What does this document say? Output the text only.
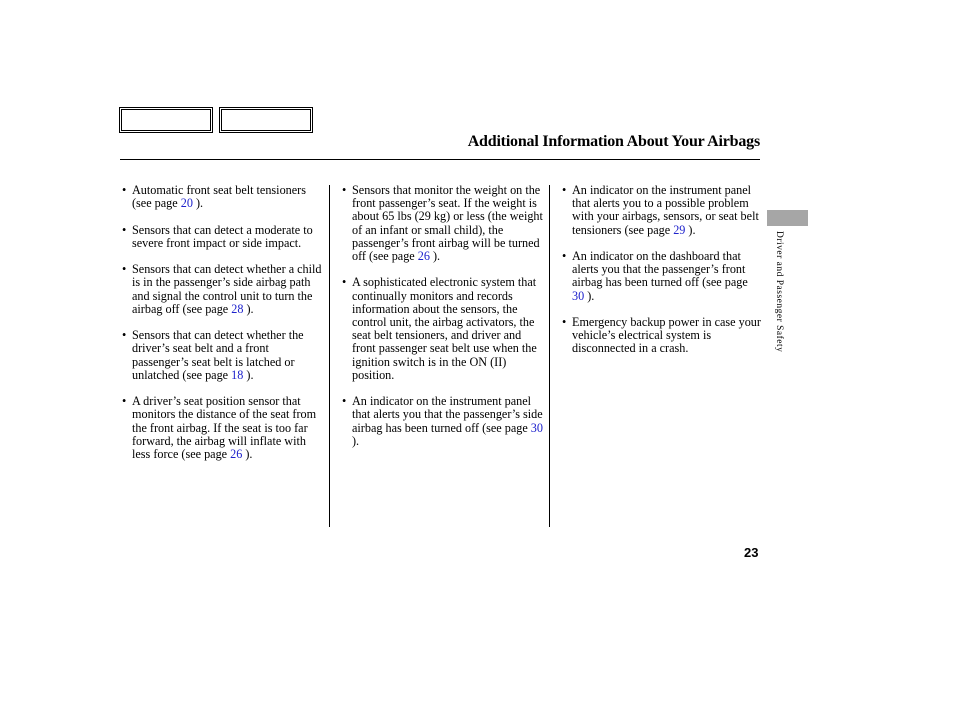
Additional Information About Your Airbags
• Automatic front seat belt tensioners (see page 20 ).
• Sensors that can detect a moderate to severe front impact or side impact.
• Sensors that can detect whether a child is in the passenger’s side airbag path and signal the control unit to turn the airbag off (see page 28 ).
• Sensors that can detect whether the driver’s seat belt and a front passenger’s seat belt is latched or unlatched (see page 18 ).
• A driver’s seat position sensor that monitors the distance of the seat from the front airbag. If the seat is too far forward, the airbag will inflate with less force (see page 26 ).
• Sensors that monitor the weight on the front passenger’s seat. If the weight is about 65 lbs (29 kg) or less (the weight of an infant or small child), the passenger’s front airbag will be turned off (see page 26 ).
• A sophisticated electronic system that continually monitors and records information about the sensors, the control unit, the airbag activators, the seat belt tensioners, and driver and front passenger seat belt use when the ignition switch is in the ON (II) position.
• An indicator on the instrument panel that alerts you that the passenger’s side airbag has been turned off (see page 30 ).
• An indicator on the instrument panel that alerts you to a possible problem with your airbags, sensors, or seat belt tensioners (see page 29 ).
• An indicator on the dashboard that alerts you that the passenger’s front airbag has been turned off (see page 30 ).
• Emergency backup power in case your vehicle’s electrical system is disconnected in a crash.	Driver and Passenger Safety
23
